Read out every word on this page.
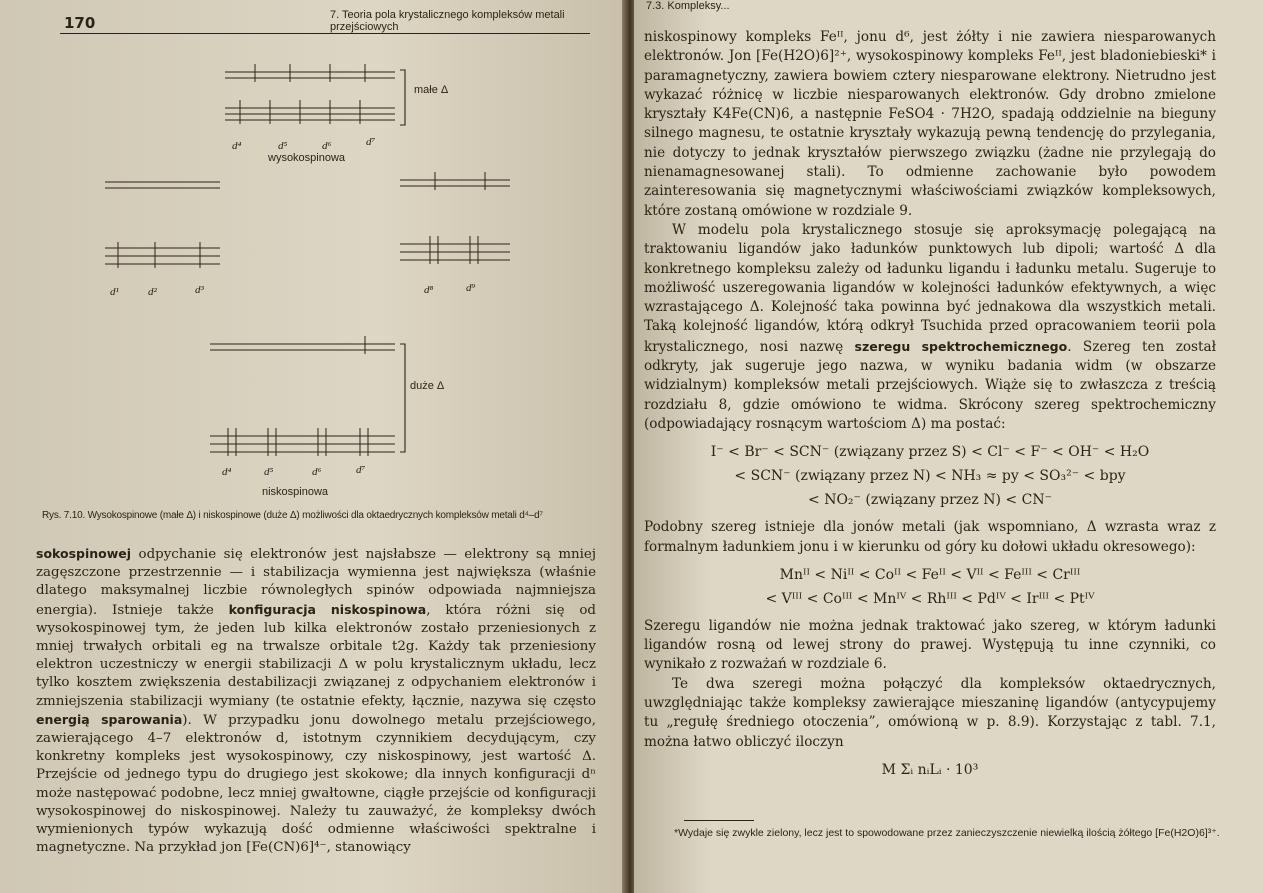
170	7. Teoria pola krystalicznego kompleksów metali przejściowych
małe Δ
duże Δ
d⁴	d⁵	d⁶	d⁷
wysokospinowa
d¹	d²	d³	d⁸	d⁹
d⁴	d⁵	d⁶	d⁷
niskospinowa
Rys. 7.10. Wysokospinowe (małe Δ) i niskospinowe (duże Δ) możliwości dla oktaedrycznych kompleksów metali d⁴–d⁷

sokospinowej odpychanie się elektronów jest najsłabsze — elektrony są mniej zagęszczone przestrzennie — i stabilizacja wymienna jest największa (właśnie dlatego maksymalnej liczbie równoległych spinów odpowiada najmniejsza energia). Istnieje także konfiguracja niskospinowa, która różni się od wysokospinowej tym, że jeden lub kilka elektronów zostało przeniesionych z mniej trwałych orbitali eg na trwalsze orbitale t2g. Każdy tak przeniesiony elektron uczestniczy w energii stabilizacji Δ w polu krystalicznym układu, lecz tylko kosztem zwiększenia destabilizacji związanej z odpychaniem elektronów i zmniejszenia stabilizacji wymiany (te ostatnie efekty, łącznie, nazywa się często energią sparowania). W przypadku jonu dowolnego metalu przejściowego, zawierającego 4–7 elektronów d, istotnym czynnikiem decydującym, czy konkretny kompleks jest wysokospinowy, czy niskospinowy, jest wartość Δ. Przejście od jednego typu do drugiego jest skokowe; dla innych konfiguracji dⁿ może następować podobne, lecz mniej gwałtowne, ciągłe przejście od konfiguracji wysokospinowej do niskospinowej. Należy tu zauważyć, że kompleksy dwóch wymienionych typów wykazują dość odmienne właściwości spektralne i magnetyczne. Na przykład jon [Fe(CN)6]⁴⁻, stanowiący

7.3. Kompleksy...

niskospinowy kompleks Feᴵᴵ, jonu d⁶, jest żółty i nie zawiera niesparowanych elektronów. Jon [Fe(H2O)6]²⁺, wysokospinowy kompleks Feᴵᴵ, jest bladoniebieski* i paramagnetyczny, zawiera bowiem cztery niesparowane elektrony. Nietrudno jest wykazać różnicę w liczbie niesparowanych elektronów. Gdy drobno zmielone kryształy K4Fe(CN)6, a następnie FeSO4 · 7H2O, spadają oddzielnie na bieguny silnego magnesu, te ostatnie kryształy wykazują pewną tendencję do przylegania, nie dotyczy to jednak kryształów pierwszego związku (żadne nie przylegają do nienamagnesowanej stali). To odmienne zachowanie było powodem zainteresowania się magnetycznymi właściwościami związków kompleksowych, które zostaną omówione w rozdziale 9.

W modelu pola krystalicznego stosuje się aproksymację polegającą na traktowaniu ligandów jako ładunków punktowych lub dipoli; wartość Δ dla konkretnego kompleksu zależy od ładunku ligandu i ładunku metalu. Sugeruje to możliwość uszeregowania ligandów w kolejności ładunków efektywnych, a więc wzrastającego Δ. Kolejność taka powinna być jednakowa dla wszystkich metali. Taką kolejność ligandów, którą odkrył Tsuchida przed opracowaniem teorii pola krystalicznego, nosi nazwę szeregu spektrochemicznego. Szereg ten został odkryty, jak sugeruje jego nazwa, w wyniku badania widm (w obszarze widzialnym) kompleksów metali przejściowych. Wiąże się to zwłaszcza z treścią rozdziału 8, gdzie omówiono te widma. Skrócony szereg spektrochemiczny (odpowiadający rosnącym wartościom Δ) ma postać:

I⁻ < Br⁻ < SCN⁻ (związany przez S) < Cl⁻ < F⁻ < OH⁻ < H₂O
< SCN⁻ (związany przez N) < NH₃ ≈ py < SO₃²⁻ < bpy
< NO₂⁻ (związany przez N) < CN⁻

Podobny szereg istnieje dla jonów metali (jak wspomniano, Δ wzrasta wraz z formalnym ładunkiem jonu i w kierunku od góry ku dołowi układu okresowego):

Mnᴵᴵ < Niᴵᴵ < Coᴵᴵ < Feᴵᴵ < Vᴵᴵ < Feᴵᴵᴵ < Crᴵᴵᴵ
< Vᴵᴵᴵ < Coᴵᴵᴵ < Mnᴵⱽ < Rhᴵᴵᴵ < Pdᴵⱽ < Irᴵᴵᴵ < Ptᴵⱽ

Szeregu ligandów nie można jednak traktować jako szereg, w którym ładunki ligandów rosną od lewej strony do prawej. Występują tu inne czynniki, co wynikało z rozważań w rozdziale 6.

Te dwa szeregi można połączyć dla kompleksów oktaedrycznych, uwzględniając także kompleksy zawierające mieszaninę ligandów (antycypujemy tu „regułę średniego otoczenia”, omówioną w p. 8.9). Korzystając z tabl. 7.1, można łatwo obliczyć iloczyn

M Σᵢ nᵢLᵢ · 10³
*Wydaje się zwykle zielony, lecz jest to spowodowane przez zanieczyszczenie niewielką ilością żółtego [Fe(H2O)6]³⁺.
